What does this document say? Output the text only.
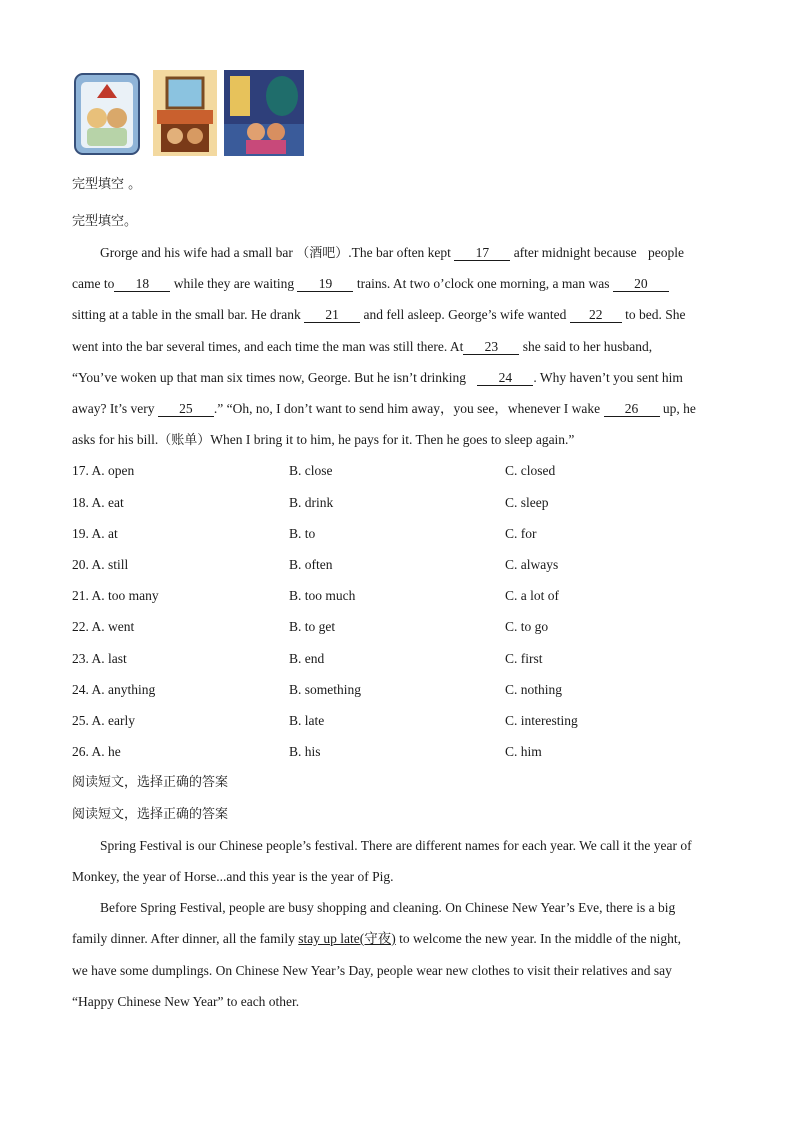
完型填空 。
完型填空。
Grorge and his wife had a small bar （酒吧）.The bar often kept 17 after midnight because people
came to 18 while they are waiting 19 trains. At two o’clock one morning, a man was 20
sitting at a table in the small bar. He drank 21 and fell asleep. George’s wife wanted 22 to bed. She
went into the bar several times, and each time the man was still there. At 23 she said to her husband,
“You’ve woken up that man six times now, George. But he isn’t drinking 24 . Why haven’t you sent him
away? It’s very 25 .” “Oh, no, I don’t want to send him away，you see，whenever I wake 26 up, he
asks for his bill.（账单）When I bring it to him, he pays for it. Then he goes to sleep again.”
17. A. open	B. close	C. closed
18. A. eat	B. drink	C. sleep
19. A. at	B. to	C. for
20. A. still	B. often	C. always
21. A. too many	B. too much	C. a lot of
22. A. went	B. to get	C. to go
23. A. last	B. end	C. first
24. A. anything	B. something	C. nothing
25. A. early	B. late	C. interesting
26. A. he	B. his	C. him
阅读短文，选择正确的答案
阅读短文，选择正确的答案
Spring Festival is our Chinese people’s festival. There are different names for each year. We call it the year of
Monkey, the year of Horse...and this year is the year of Pig.
Before Spring Festival, people are busy shopping and cleaning. On Chinese New Year’s Eve, there is a big
family dinner. After dinner, all the family stay up late(守夜) to welcome the new year. In the middle of the night,
we have some dumplings. On Chinese New Year’s Day, people wear new clothes to visit their relatives and say
“Happy Chinese New Year” to each other.
